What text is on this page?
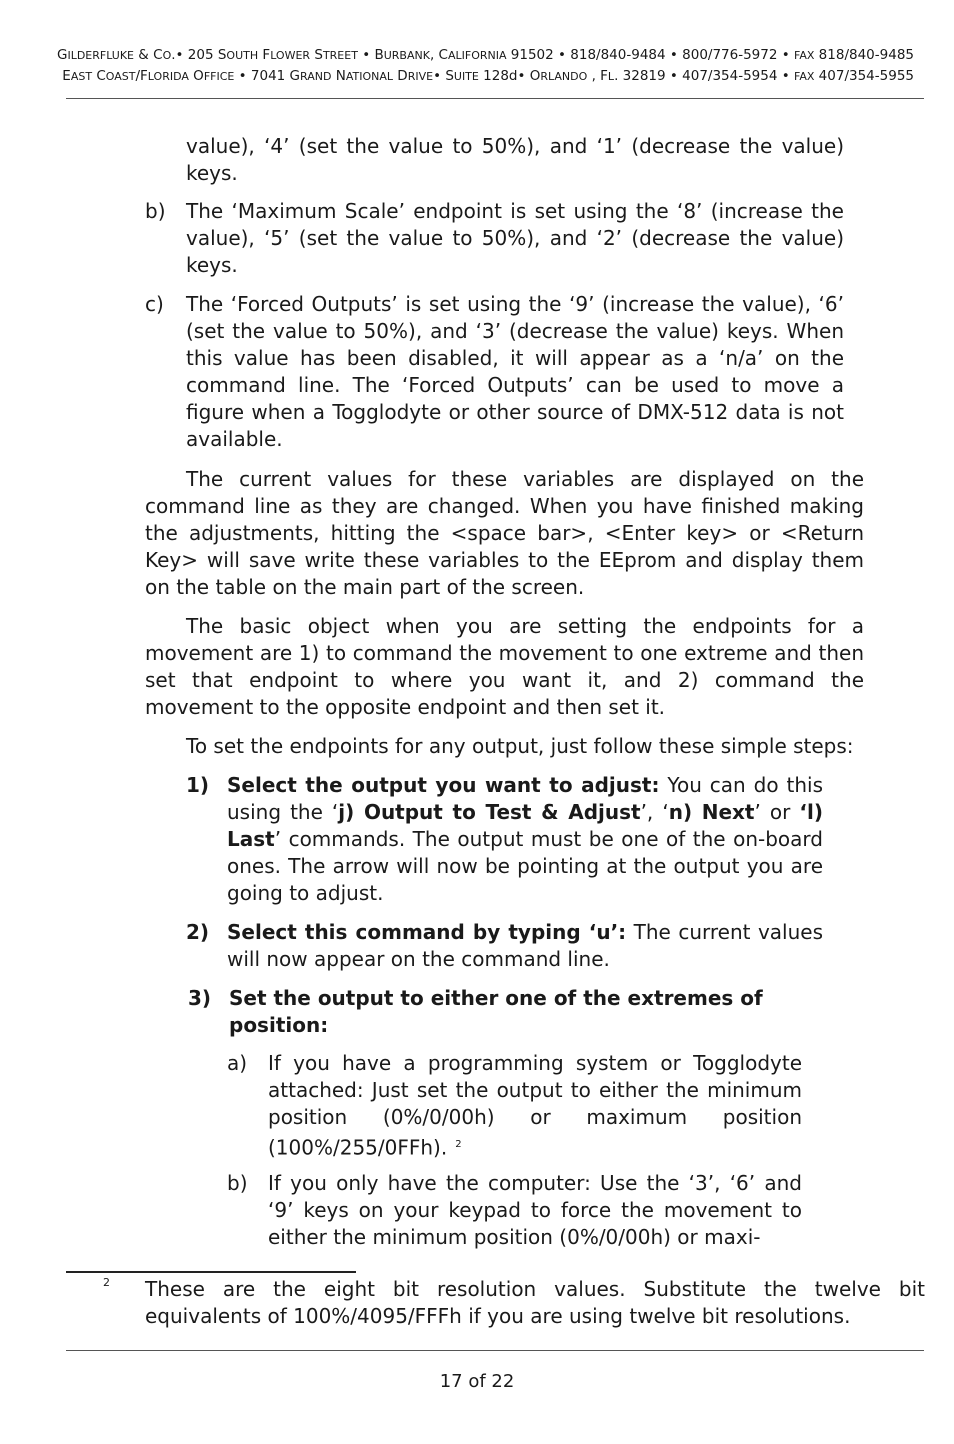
GILDERFLUKE & CO.• 205 SOUTH FLOWER STREET • BURBANK, CALIFORNIA 91502 • 818/840-9484 • 800/776-5972 • FAX 818/840-9485
EAST COAST/FLORIDA OFFICE • 7041 GRAND NATIONAL DRIVE• SUITE 128d• ORLANDO , FL. 32819 • 407/354-5954 • FAX 407/354-5955
value), ‘4’ (set the value to 50%), and ‘1’ (decrease the value) keys.
b) The ‘Maximum Scale’ endpoint is set using the ‘8’ (increase the value), ‘5’ (set the value to 50%), and ‘2’ (decrease the value) keys.
c) The ‘Forced Outputs’ is set using the ‘9’ (increase the value), ‘6’ (set the value to 50%), and ‘3’ (decrease the value) keys. When this value has been disabled, it will appear as a ‘n/a’ on the command line. The ‘Forced Outputs’ can be used to move a figure when a Togglodyte or other source of DMX-512 data is not available.
The current values for these variables are displayed on the command line as they are changed. When you have finished making the adjustments, hitting the <space bar>, <Enter key> or <Return Key> will save write these variables to the EEprom and display them on the table on the main part of the screen.
The basic object when you are setting the endpoints for a movement are 1) to command the movement to one extreme and then set that endpoint to where you want it, and 2) command the movement to the opposite endpoint and then set it.
To set the endpoints for any output, just follow these simple steps:
1) Select the output you want to adjust: You can do this using the ‘j) Output to Test & Adjust’, ‘n) Next’ or ‘l) Last’ commands. The output must be one of the on-board ones. The arrow will now be pointing at the output you are going to adjust.
2) Select this command by typing ‘u’: The current values will now appear on the command line.
3) Set the output to either one of the extremes of position:
a) If you have a programming system or Togglodyte attached: Just set the output to either the minimum position (0%/0/00h) or maximum position (100%/255/0FFh). $^2$
b) If you only have the computer: Use the ‘3’, ‘6’ and ‘9’ keys on your keypad to force the movement to either the minimum position (0%/0/00h) or maxi-
2 These are the eight bit resolution values. Substitute the twelve bit equivalents of 100%/4095/FFFh if you are using twelve bit resolutions.
17 of 22
